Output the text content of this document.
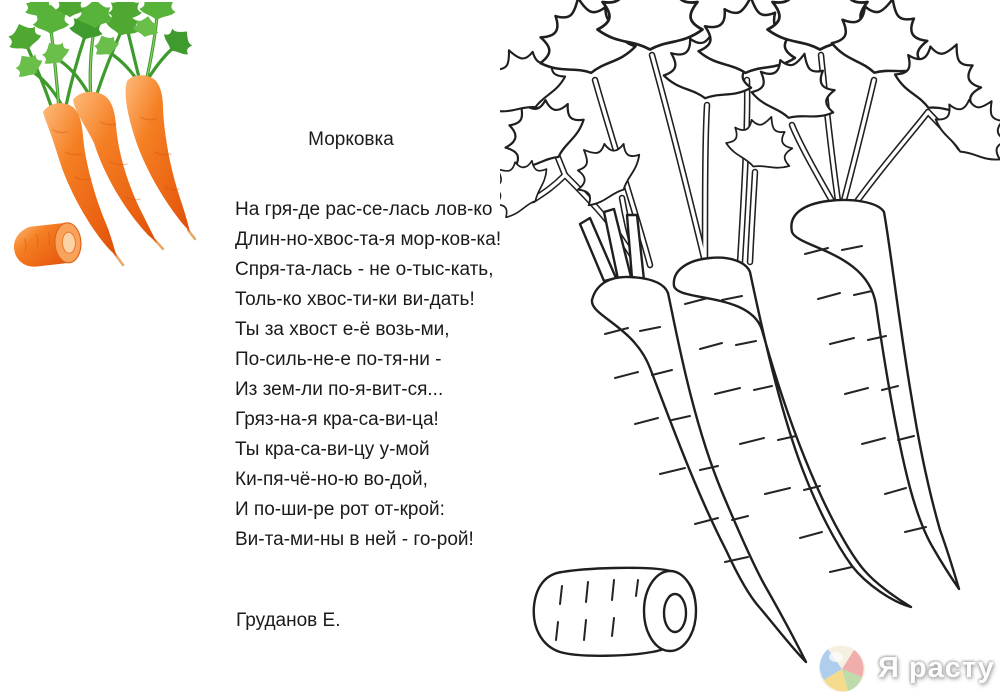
Морковка
На гря-де рас-се-лась лов-ко
Длин-но-хвос-та-я мор-ков-ка!
Спря-та-лась - не о-тыс-кать,
Толь-ко хвос-ти-ки ви-дать!
Ты за хвост е-ё возь-ми,
По-силь-не-е по-тя-ни -
Из зем-ли по-я-вит-ся...
Гряз-на-я кра-са-ви-ца!
Ты кра-са-ви-цу у-мой
Ки-пя-чё-но-ю во-дой,
И по-ши-ре рот от-крой:
Ви-та-ми-ны в ней - го-рой!
Груданов Е.
Я расту
